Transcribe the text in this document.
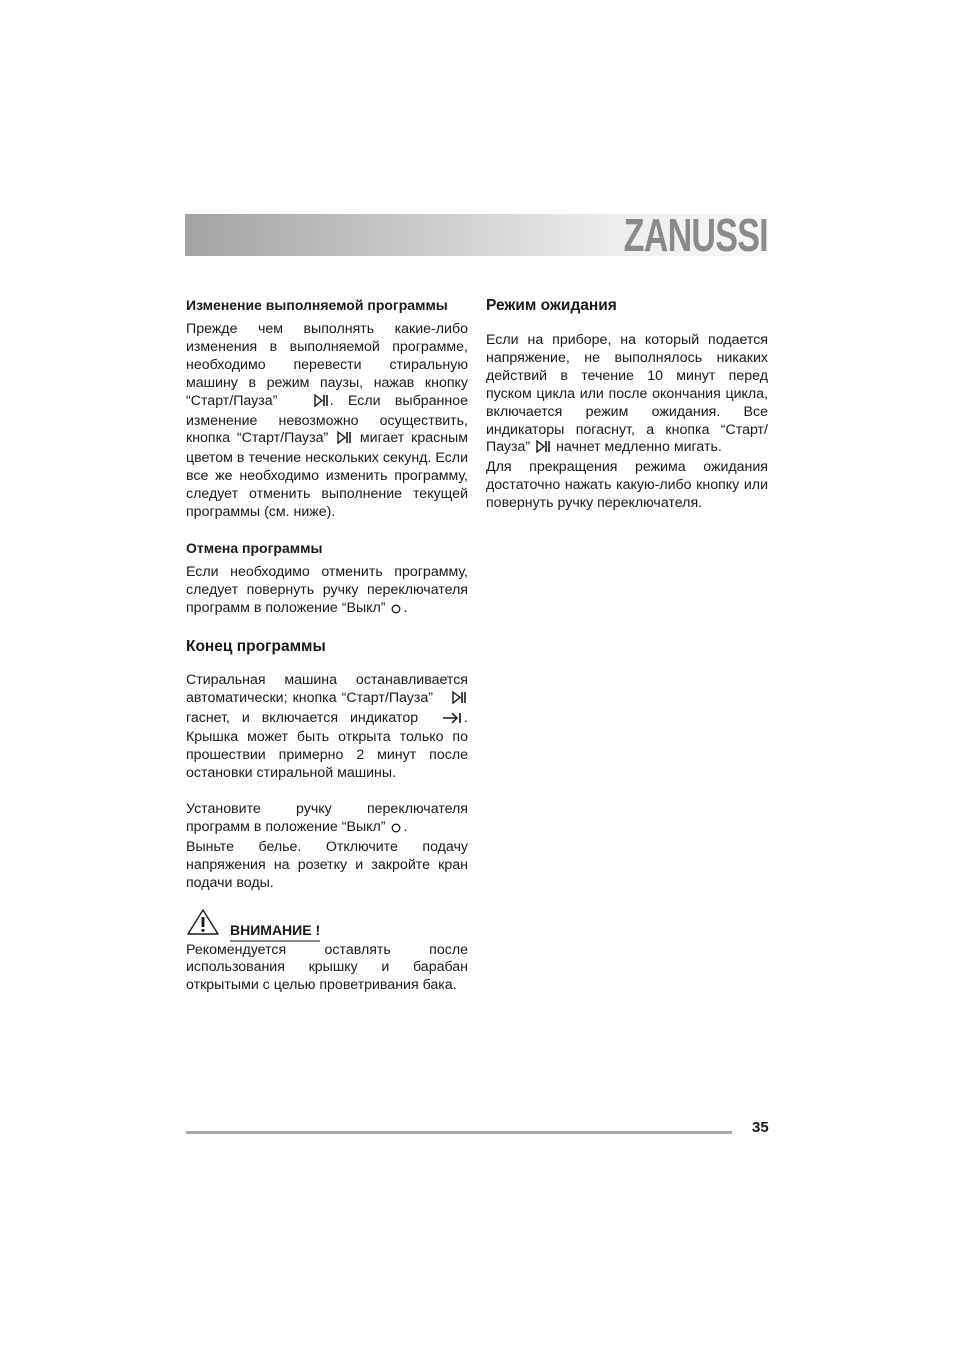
ZANUSSI
Изменение выполняемой программы

Прежде чем выполнять какие-либо изменения в выполняемой программе, необходимо перевести стиральную машину в режим паузы, нажав кнопку “Старт/Пауза”	. Если выбранное изменение невозможно осуществить, кнопка “Старт/Пауза” мигает красным цветом в течение нескольких секунд. Если все же необходимо изменить программу, следует отменить выполнение текущей программы (см. ниже).

Отмена программы

Если необходимо отменить программу, следует повернуть ручку переключателя программ в положение “Выкл” .

Конец программы

Стиральная машина останавливается автоматически; кнопка “Старт/Пауза”  гаснет, и включается индикатор	. Крышка может быть открыта только по прошествии примерно 2 минут после остановки стиральной машины.

Установите ручку переключателя программ в положение “Выкл” .

Выньте белье. Отключите подачу напряжения на розетку и закройте кран подачи воды.

ВНИМАНИЕ !

Рекомендуется оставлять после использования крышку и барабан открытыми с целью проветривания бака.

Режим ожидания

Если на приборе, на который подается напряжение, не выполнялось никаких действий в течение 10 минут перед пуском цикла или после окончания цикла, включается режим ожидания. Все индикаторы погаснут, а кнопка “Старт/ Пауза” начнет медленно мигать.

Для прекращения режима ожидания достаточно нажать какую-либо кнопку или повернуть ручку переключателя.

35
